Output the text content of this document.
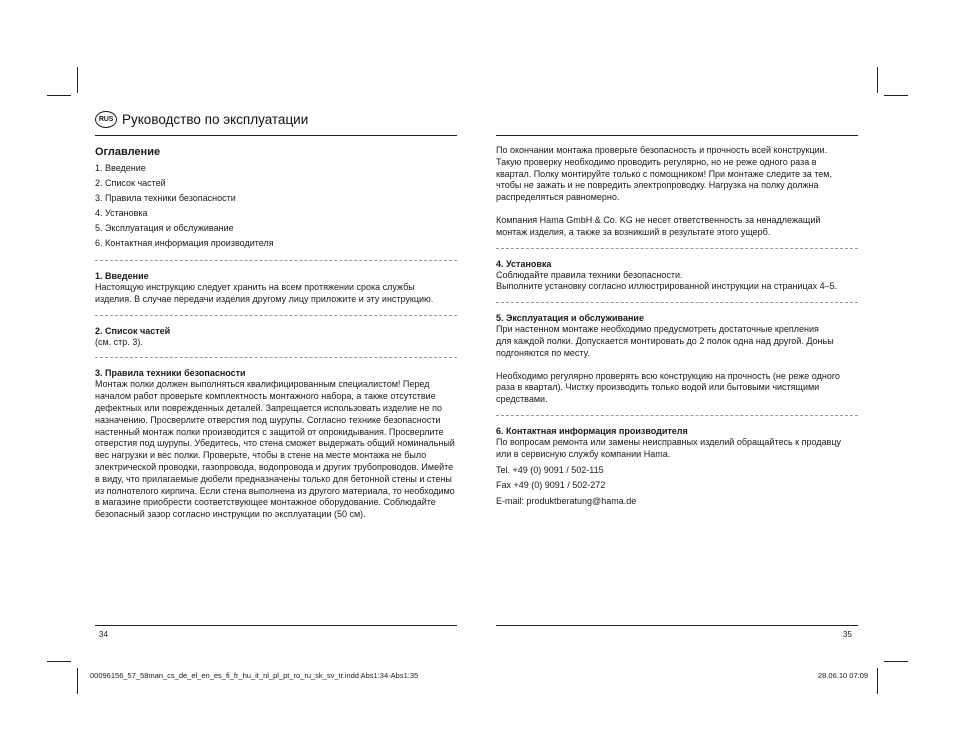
RUS Руководство по эксплуатации
Оглавление
1. Введение
2. Список частей
3. Правила техники безопасности
4. Установка
5. Эксплуатация и обслуживание
6. Контактная информация производителя
1. Введение
Настоящую инструкцию следует хранить на всем протяжении срока службы
изделия. В случае передачи изделия другому лицу приложите и эту инструкцию.
2. Список частей
(см. стр. 3).
3. Правила техники безопасности
Монтаж полки должен выполняться квалифицированным специалистом! Перед
началом работ проверьте комплектность монтажного набора, а также отсутствие
дефектных или поврежденных деталей. Запрещается использовать изделие не по
назначению. Просверлите отверстия под шурупы. Согласно технике безопасности
настенный монтаж полки производится с защитой от опрокидывания. Просверлите
отверстия под шурупы. Убедитесь, что стена сможет выдержать общий номинальный
вес нагрузки и вес полки. Проверьте, чтобы в стене на месте монтажа не было
электрической проводки, газопровода, водопровода и других трубопроводов. Имейте
в виду, что прилагаемые дюбели предназначены только для бетонной стены и стены
из полнотелого кирпича. Если стена выполнена из другого материала, то необходимо
в магазине приобрести соответствующее монтажное оборудование. Соблюдайте
безопасный зазор согласно инструкции по эксплуатации (50 см).
По окончании монтажа проверьте безопасность и прочность всей конструкции.
Такую проверку необходимо проводить регулярно, но не реже одного раза в
квартал. Полку монтируйте только с помощником! При монтаже следите за тем,
чтобы не зажать и не повредить электропроводку. Нагрузка на полку должна
распределяться равномерно.
Компания Hama GmbH & Co. KG не несет ответственность за ненадлежащий
монтаж изделия, а также за возникший в результате этого ущерб.
4. Установка
Соблюдайте правила техники безопасности.
Выполните установку согласно иллюстрированной инструкции на страницах 4–5.
5. Эксплуатация и обслуживание
При настенном монтаже необходимо предусмотреть достаточные крепления
для каждой полки. Допускается монтировать до 2 полок одна над другой. Доньы
подгоняются по месту.
Необходимо регулярно проверять всю конструкцию на прочность (не реже одного
раза в квартал). Чистку производить только водой или бытовыми чистящими
средствами.
6. Контактная информация производителя
По вопросам ремонта или замены неисправных изделий обращайтесь к продавцу
или в сервисную службу компании Hama.
Tel. +49 (0) 9091 / 502-115
Fax +49 (0) 9091 / 502-272
E-mail: produktberatung@hama.de
34	35
00096156_57_58man_cs_de_el_en_es_fi_fr_hu_it_nl_pl_pt_ro_ru_sk_sv_tr.indd Abs1:34-Abs1:35	28.06.10 07:09
